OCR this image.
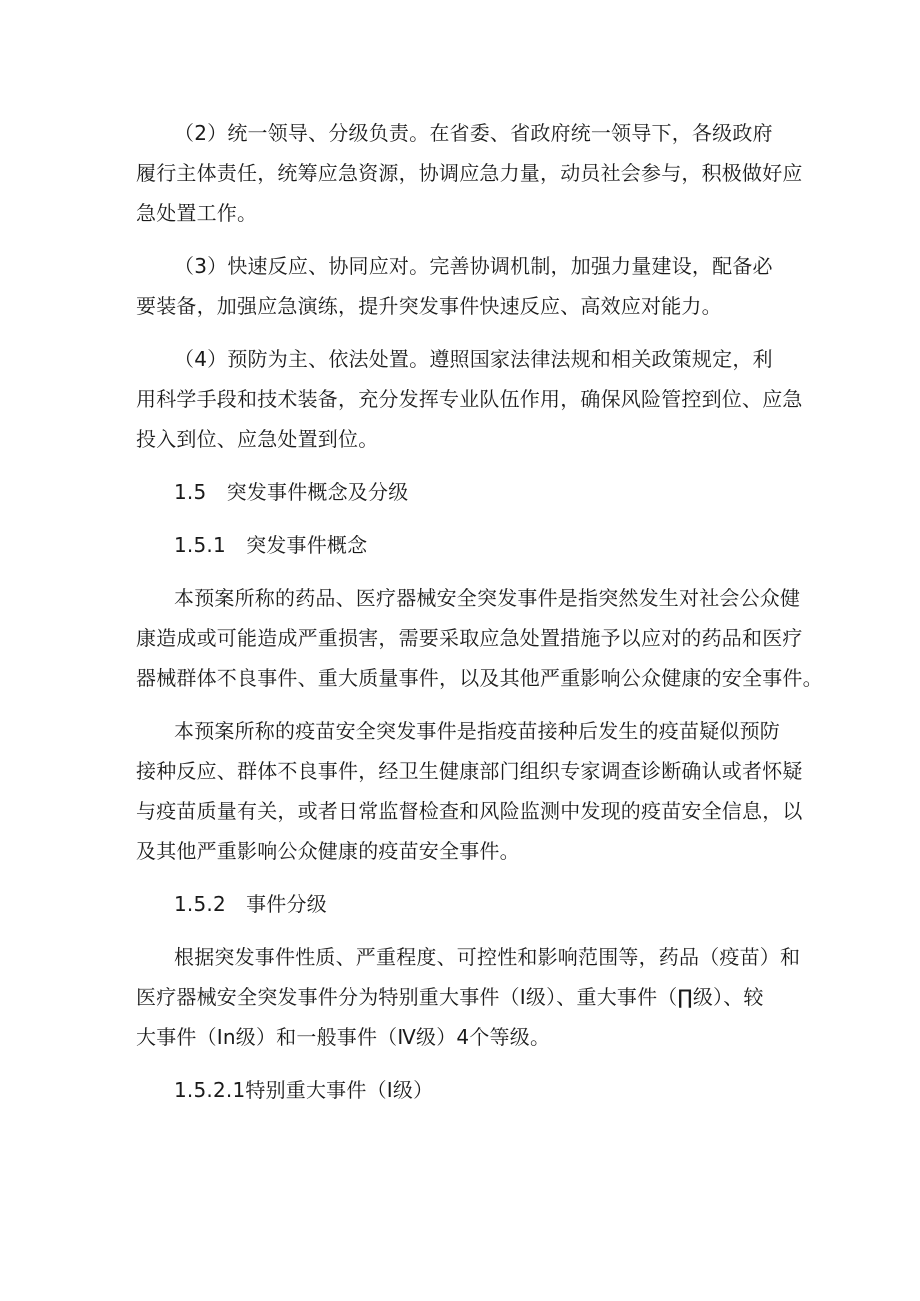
（2）统一领导、分级负责。在省委、省政府统一领导下，各级政府
履行主体责任，统筹应急资源，协调应急力量，动员社会参与，积极做好应
急处置工作。
（3）快速反应、协同应对。完善协调机制，加强力量建设，配备必
要装备，加强应急演练，提升突发事件快速反应、高效应对能力。
（4）预防为主、依法处置。遵照国家法律法规和相关政策规定，利
用科学手段和技术装备，充分发挥专业队伍作用，确保风险管控到位、应急
投入到位、应急处置到位。
1.5　突发事件概念及分级
1.5.1　突发事件概念
本预案所称的药品、医疗器械安全突发事件是指突然发生对社会公众健
康造成或可能造成严重损害，需要采取应急处置措施予以应对的药品和医疗
器械群体不良事件、重大质量事件，以及其他严重影响公众健康的安全事件。
本预案所称的疫苗安全突发事件是指疫苗接种后发生的疫苗疑似预防
接种反应、群体不良事件，经卫生健康部门组织专家调查诊断确认或者怀疑
与疫苗质量有关，或者日常监督检查和风险监测中发现的疫苗安全信息，以
及其他严重影响公众健康的疫苗安全事件。
1.5.2　事件分级
根据突发事件性质、严重程度、可控性和影响范围等，药品（疫苗）和
医疗器械安全突发事件分为特别重大事件（Ⅰ级）、重大事件（∏级）、较
大事件（In级）和一般事件（Ⅳ级）4个等级。
1.5.2.1特别重大事件（Ⅰ级）
